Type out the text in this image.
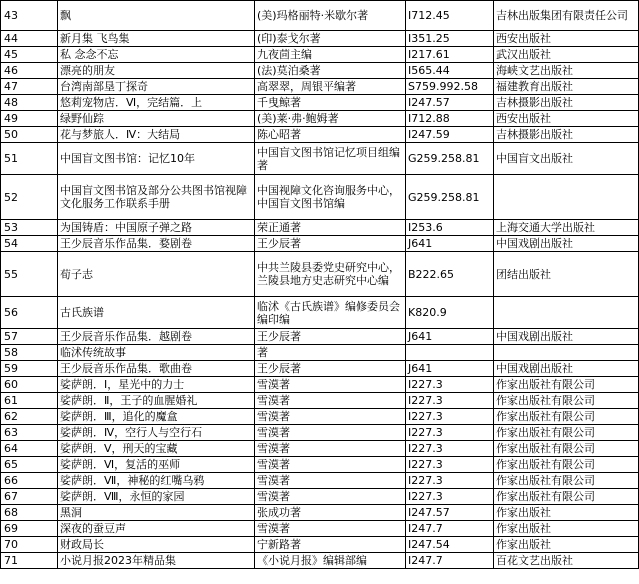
43	飘	(美)玛格丽特·米歇尔著	I712.45	吉林出版集团有限责任公司
44	新月集 飞鸟集	(印)泰戈尔著	I351.25	西安出版社
45	私 念念不忘	九夜茴主编	I217.61	武汉出版社
46	漂亮的朋友	(法)莫泊桑著	I565.44	海峡文艺出版社
47	台湾南部垦丁探奇	高翠翠，周银平编著	S759.992.58	福建教育出版社
48	悠莉宠物店．Ⅵ，完结篇．上	千曳鲸著	I247.57	吉林摄影出版社
49	绿野仙踪	(美)莱·弗·鲍姆著	I712.88	西安出版社
50	花与梦旅人．Ⅳ：大结局	陈心昭著	I247.59	吉林摄影出版社
51	中国盲文图书馆：记忆10年	中国盲文图书馆记忆项目组编著	G259.258.81	中国盲文出版社
52	中国盲文图书馆及部分公共图书馆视障文化服务工作联系手册	中国视障文化咨询服务中心，中国盲文图书馆编	G259.258.81	
53	为国铸盾：中国原子弹之路	荣正通著	I253.6	上海交通大学出版社
54	王少辰音乐作品集．婺剧卷	王少辰著	J641	中国戏剧出版社
55	荀子志	中共兰陵县委党史研究中心，兰陵县地方史志研究中心编	B222.65	团结出版社
56	古氏族谱	临沭《古氏族谱》编修委员会编印编	K820.9	
57	王少辰音乐作品集．越剧卷	王少辰著	J641	中国戏剧出版社
58	临沭传统故事	著		
59	王少辰音乐作品集．歌曲卷	王少辰著	J641	中国戏剧出版社
60	娑萨朗．Ⅰ，星光中的力士	雪漠著	I227.3	作家出版社有限公司
61	娑萨朗．Ⅱ，王子的血腥婚礼	雪漠著	I227.3	作家出版社有限公司
62	娑萨朗．Ⅲ，追化的魔盒	雪漠著	I227.3	作家出版社有限公司
63	娑萨朗．Ⅳ，空行人与空行石	雪漠著	I227.3	作家出版社有限公司
64	娑萨朗．Ⅴ，刑天的宝藏	雪漠著	I227.3	作家出版社有限公司
65	娑萨朗．Ⅵ，复活的巫师	雪漠著	I227.3	作家出版社有限公司
66	娑萨朗．Ⅶ，神秘的红嘴乌鸦	雪漠著	I227.3	作家出版社有限公司
67	娑萨朗．Ⅷ，永恒的家园	雪漠著	I227.3	作家出版社有限公司
68	黑洞	张成功著	I247.57	作家出版社
69	深夜的蚕豆声	雪漠著	I247.7	作家出版社
70	财政局长	宁新路著	I247.54	作家出版社
71	小说月报2023年精品集	《小说月报》编辑部编	I247.7	百花文艺出版社
